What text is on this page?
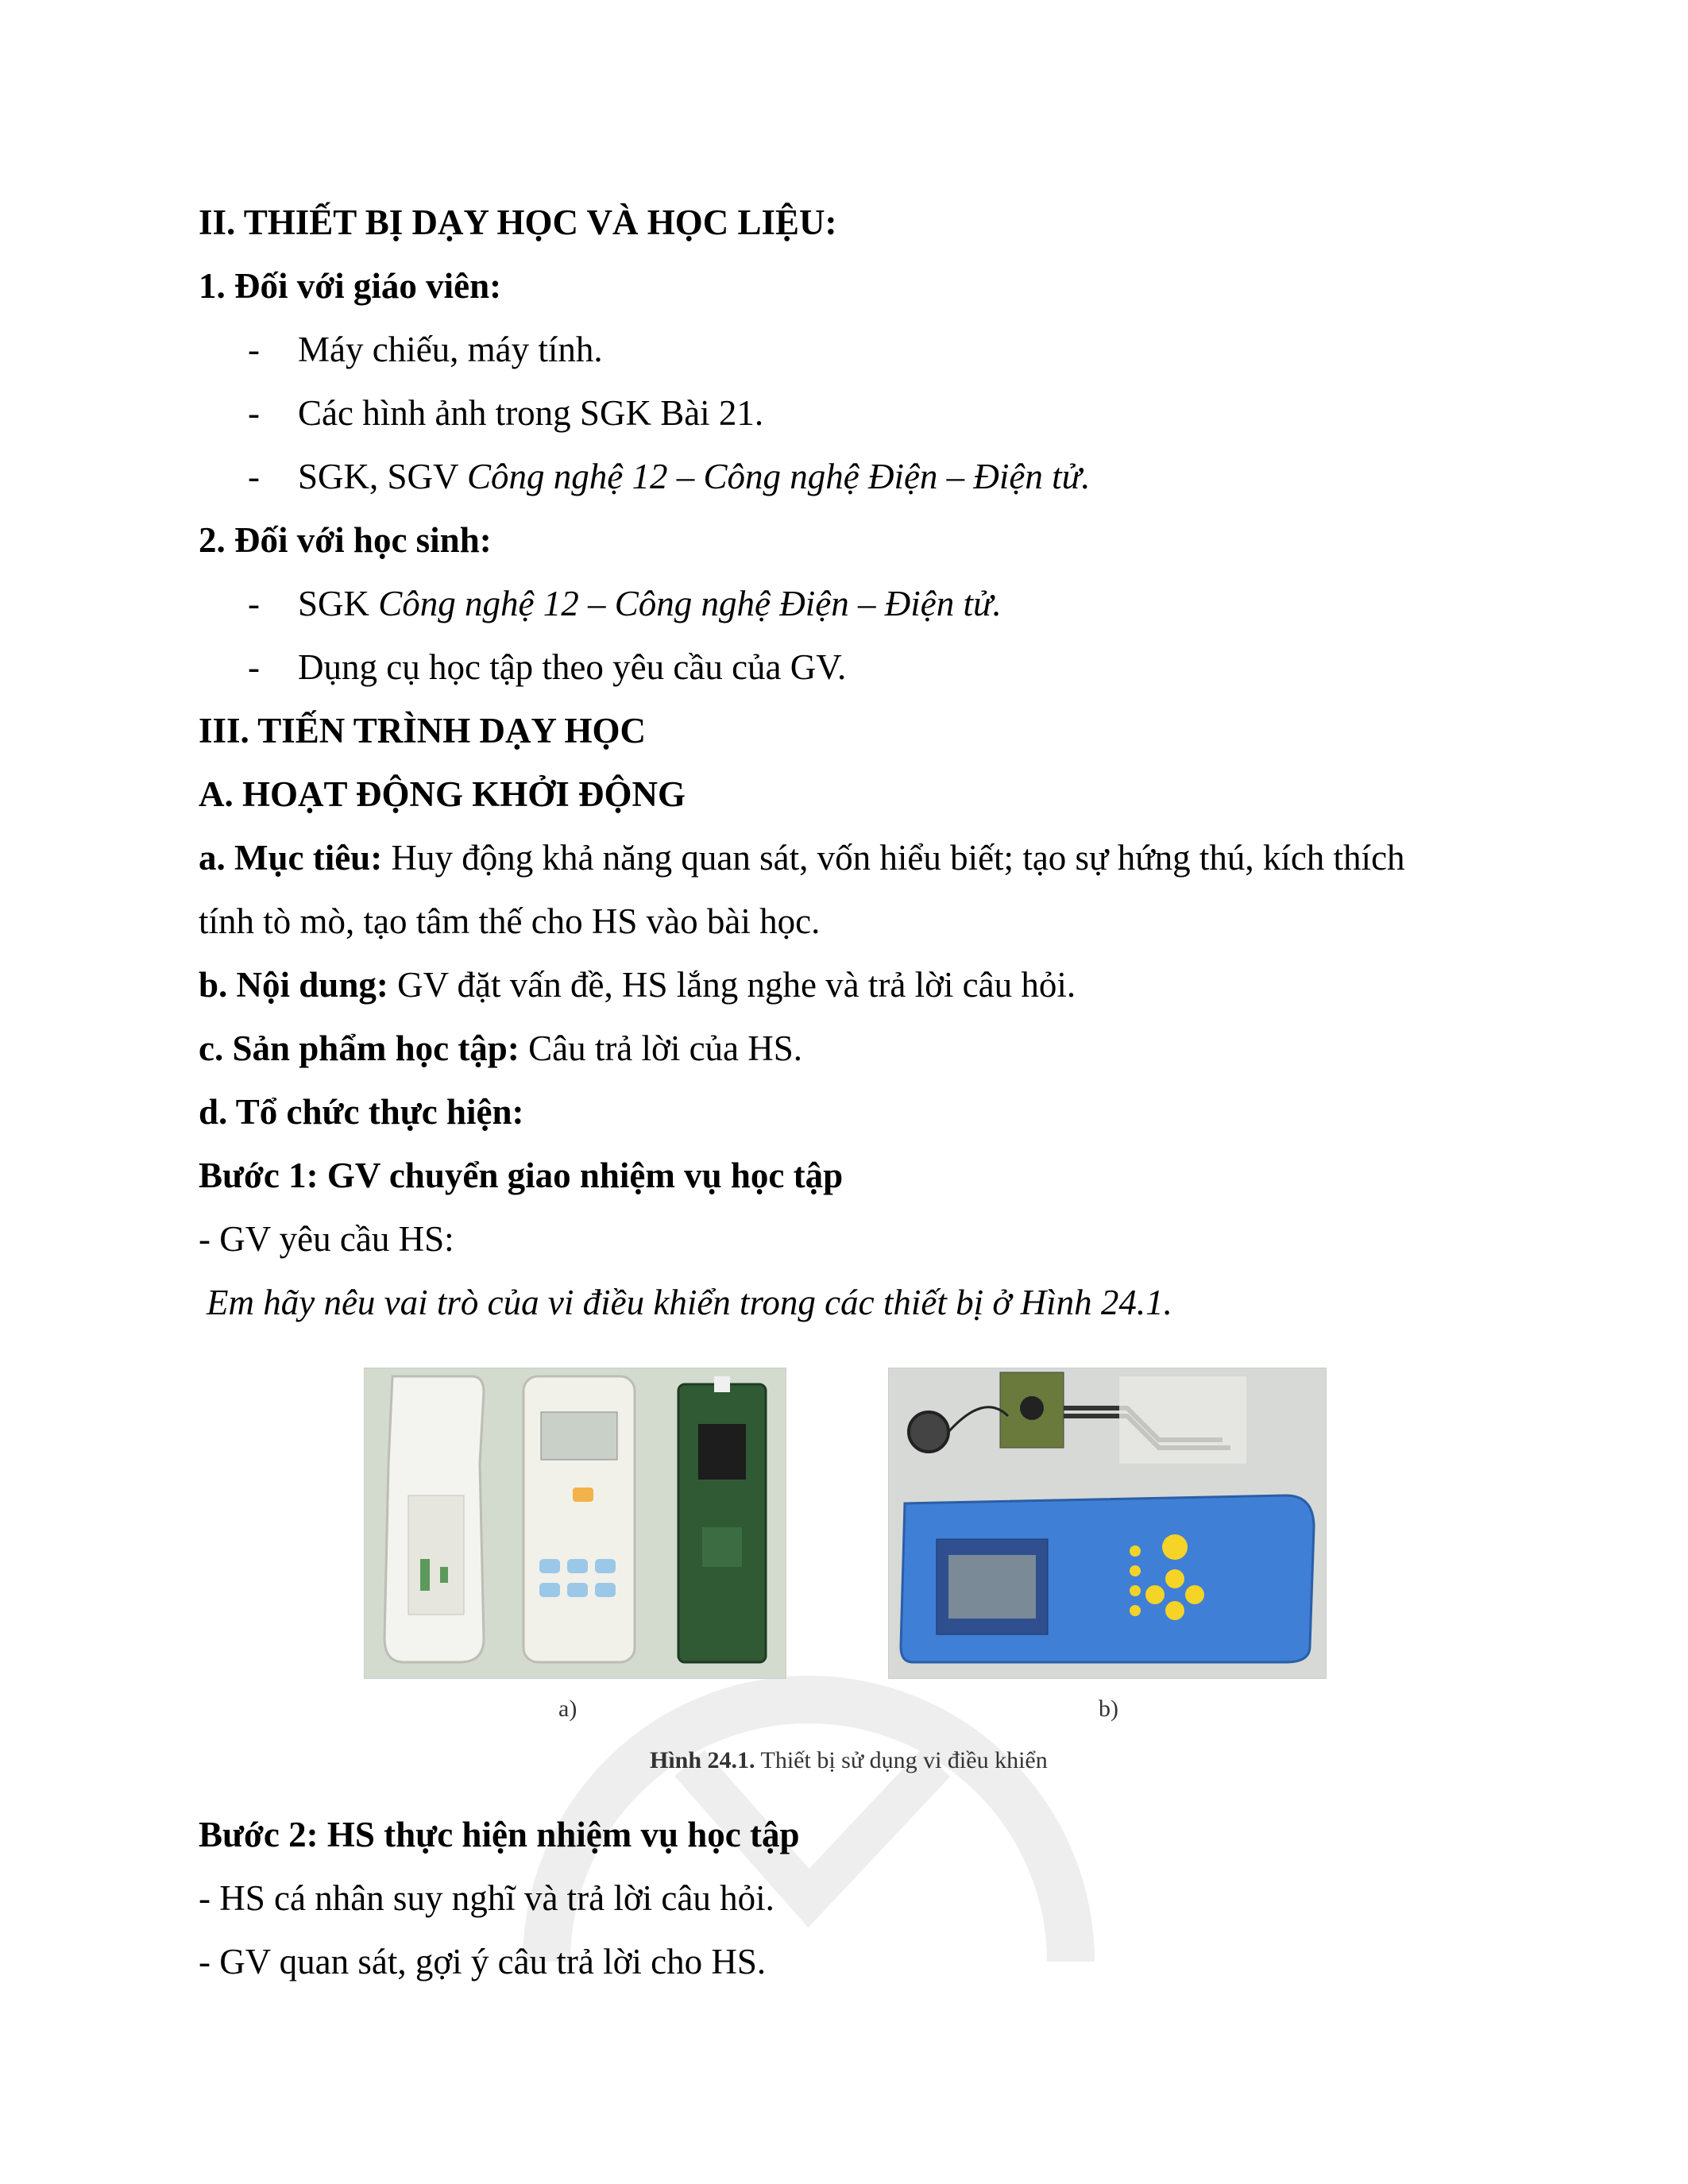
II. THIẾT BỊ DẠY HỌC VÀ HỌC LIỆU:
1. Đối với giáo viên:
- Máy chiếu, máy tính.
- Các hình ảnh trong SGK Bài 21.
- SGK, SGV Công nghệ 12 – Công nghệ Điện – Điện tử.
2. Đối với học sinh:
- SGK Công nghệ 12 – Công nghệ Điện – Điện tử.
- Dụng cụ học tập theo yêu cầu của GV.
III. TIẾN TRÌNH DẠY HỌC
A. HOẠT ĐỘNG KHỞI ĐỘNG
a. Mục tiêu: Huy động khả năng quan sát, vốn hiểu biết; tạo sự hứng thú, kích thích
tính tò mò, tạo tâm thế cho HS vào bài học.
b. Nội dung: GV đặt vấn đề, HS lắng nghe và trả lời câu hỏi.
c. Sản phẩm học tập: Câu trả lời của HS.
d. Tổ chức thực hiện:
Bước 1: GV chuyển giao nhiệm vụ học tập
- GV yêu cầu HS:
Em hãy nêu vai trò của vi điều khiển trong các thiết bị ở Hình 24.1.
a)	b)
Hình 24.1. Thiết bị sử dụng vi điều khiển
Bước 2: HS thực hiện nhiệm vụ học tập
- HS cá nhân suy nghĩ và trả lời câu hỏi.
- GV quan sát, gợi ý câu trả lời cho HS.
